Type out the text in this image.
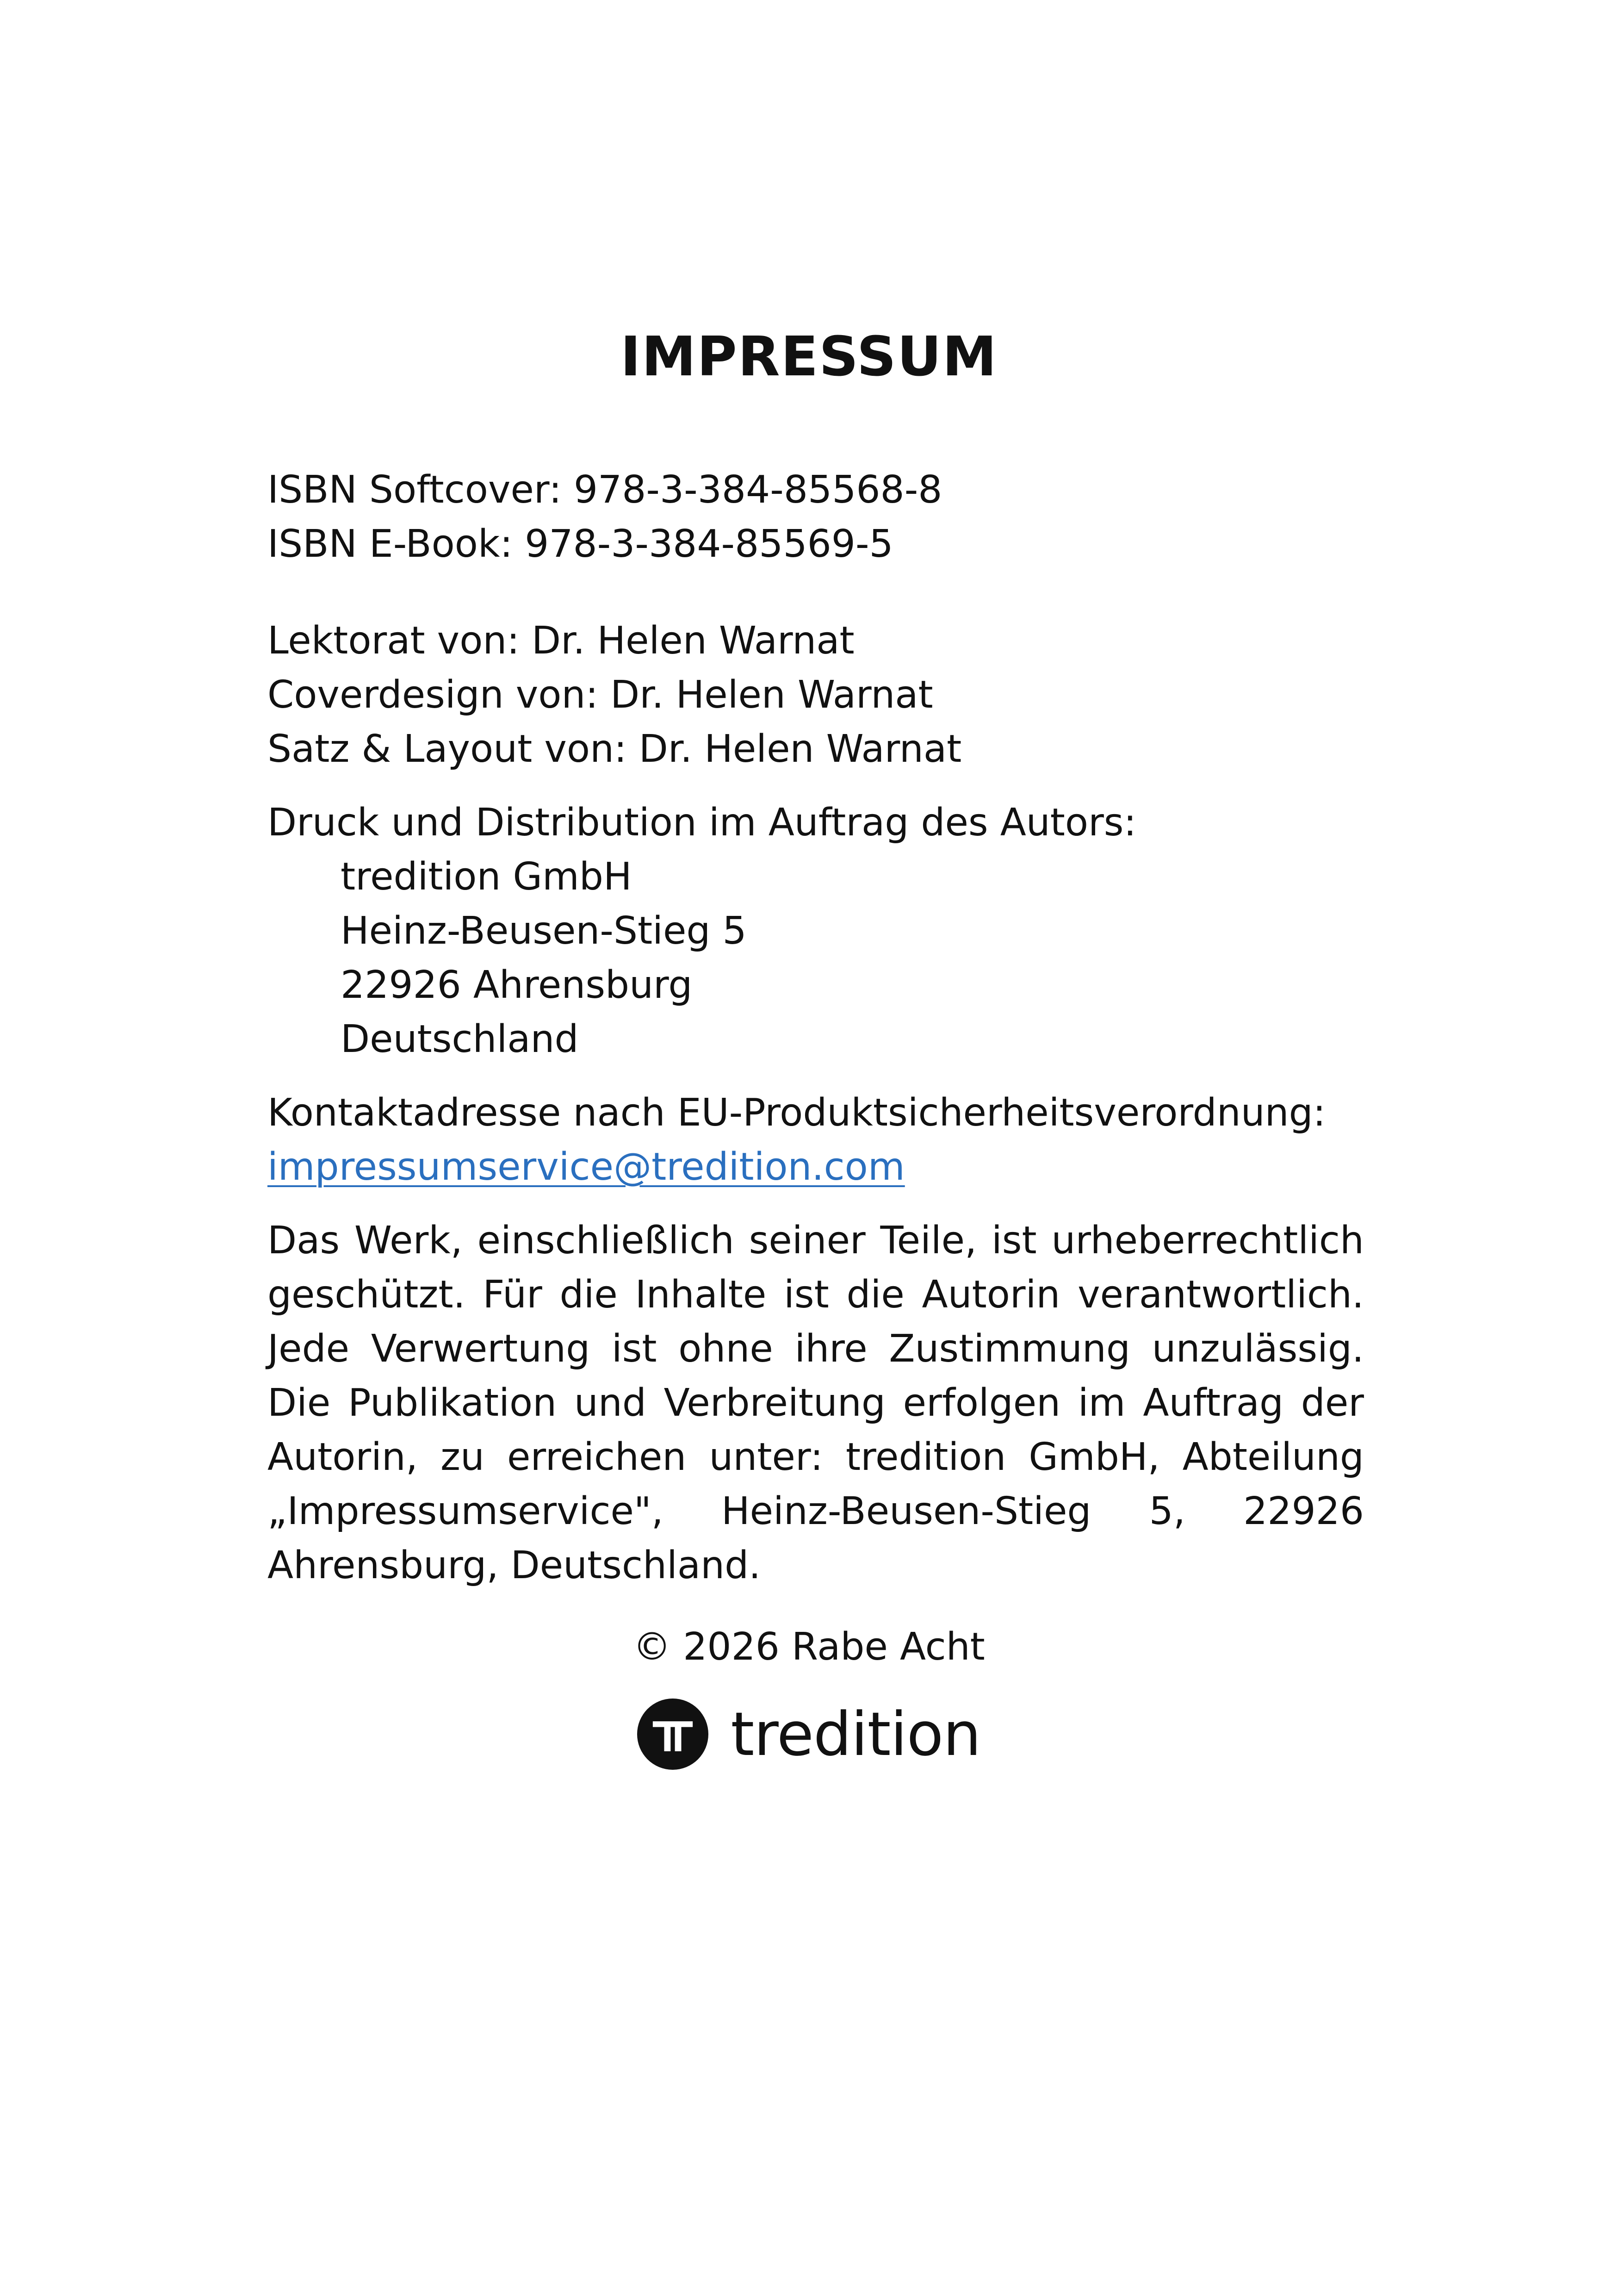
IMPRESSUM
ISBN Softcover: 978-3-384-85568-8
ISBN E-Book: 978-3-384-85569-5
Lektorat von: Dr. Helen Warnat
Coverdesign von: Dr. Helen Warnat
Satz & Layout von: Dr. Helen Warnat
Druck und Distribution im Auftrag des Autors:
tredition GmbH
Heinz-Beusen-Stieg 5
22926 Ahrensburg
Deutschland
Kontaktadresse nach EU-Produktsicherheitsverordnung:
impressumservice@tredition.com
Das Werk, einschließlich seiner Teile, ist urheberrechtlich geschützt. Für die Inhalte ist die Autorin verantwortlich. Jede Verwertung ist ohne ihre Zustimmung unzulässig. Die Publikation und Verbreitung erfolgen im Auftrag der Autorin, zu erreichen unter: tredition GmbH, Abteilung „Impressumservice", Heinz-Beusen-Stieg 5, 22926 Ahrensburg, Deutschland.
© 2026 Rabe Acht
tredition
